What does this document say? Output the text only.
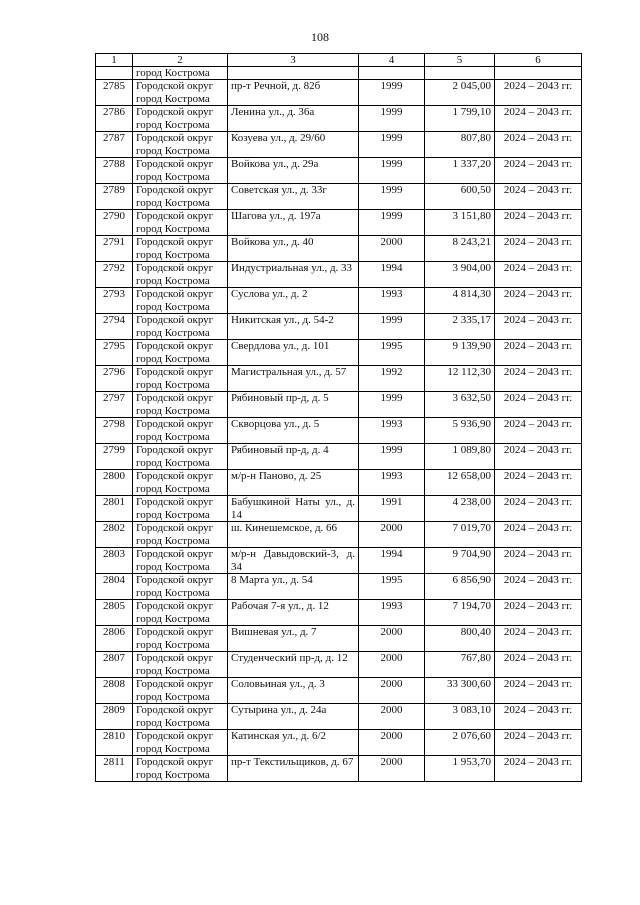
108
1	2	3	4	5	6
	город Кострома				
2785	Городской округ город Кострома	пр-т Речной, д. 82б	1999	2 045,00	2024 – 2043 гг.
2786	Городской округ город Кострома	Ленина ул., д. 36а	1999	1 799,10	2024 – 2043 гг.
2787	Городской округ город Кострома	Козуева ул., д. 29/60	1999	807,80	2024 – 2043 гг.
2788	Городской округ город Кострома	Войкова ул., д. 29а	1999	1 337,20	2024 – 2043 гг.
2789	Городской округ город Кострома	Советская ул., д. 33г	1999	600,50	2024 – 2043 гг.
2790	Городской округ город Кострома	Шагова ул., д. 197а	1999	3 151,80	2024 – 2043 гг.
2791	Городской округ город Кострома	Войкова ул., д. 40	2000	8 243,21	2024 – 2043 гг.
2792	Городской округ город Кострома	Индустриальная ул., д. 33	1994	3 904,00	2024 – 2043 гг.
2793	Городской округ город Кострома	Суслова ул., д. 2	1993	4 814,30	2024 – 2043 гг.
2794	Городской округ город Кострома	Никитская ул., д. 54-2	1999	2 335,17	2024 – 2043 гг.
2795	Городской округ город Кострома	Свердлова ул., д. 101	1995	9 139,90	2024 – 2043 гг.
2796	Городской округ город Кострома	Магистральная ул., д. 57	1992	12 112,30	2024 – 2043 гг.
2797	Городской округ город Кострома	Рябиновый пр-д, д. 5	1999	3 632,50	2024 – 2043 гг.
2798	Городской округ город Кострома	Скворцова ул., д. 5	1993	5 936,90	2024 – 2043 гг.
2799	Городской округ город Кострома	Рябиновый пр-д, д. 4	1999	1 089,80	2024 – 2043 гг.
2800	Городской округ город Кострома	м/р-н Паново, д. 25	1993	12 658,00	2024 – 2043 гг.
2801	Городской округ город Кострома	Бабушкиной Наты ул., д. 14	1991	4 238,00	2024 – 2043 гг.
2802	Городской округ город Кострома	ш. Кинешемское, д. 66	2000	7 019,70	2024 – 2043 гг.
2803	Городской округ город Кострома	м/р-н Давыдовский-3, д. 34	1994	9 704,90	2024 – 2043 гг.
2804	Городской округ город Кострома	8 Марта ул., д. 54	1995	6 856,90	2024 – 2043 гг.
2805	Городской округ город Кострома	Рабочая 7-я ул., д. 12	1993	7 194,70	2024 – 2043 гг.
2806	Городской округ город Кострома	Вишневая ул., д. 7	2000	800,40	2024 – 2043 гг.
2807	Городской округ город Кострома	Студенческий пр-д, д. 12	2000	767,80	2024 – 2043 гг.
2808	Городской округ город Кострома	Соловьиная ул., д. 3	2000	33 300,60	2024 – 2043 гг.
2809	Городской округ город Кострома	Сутырина ул., д. 24а	2000	3 083,10	2024 – 2043 гг.
2810	Городской округ город Кострома	Катинская ул., д. 6/2	2000	2 076,60	2024 – 2043 гг.
2811	Городской округ город Кострома	пр-т Текстильщиков, д. 67	2000	1 953,70	2024 – 2043 гг.
